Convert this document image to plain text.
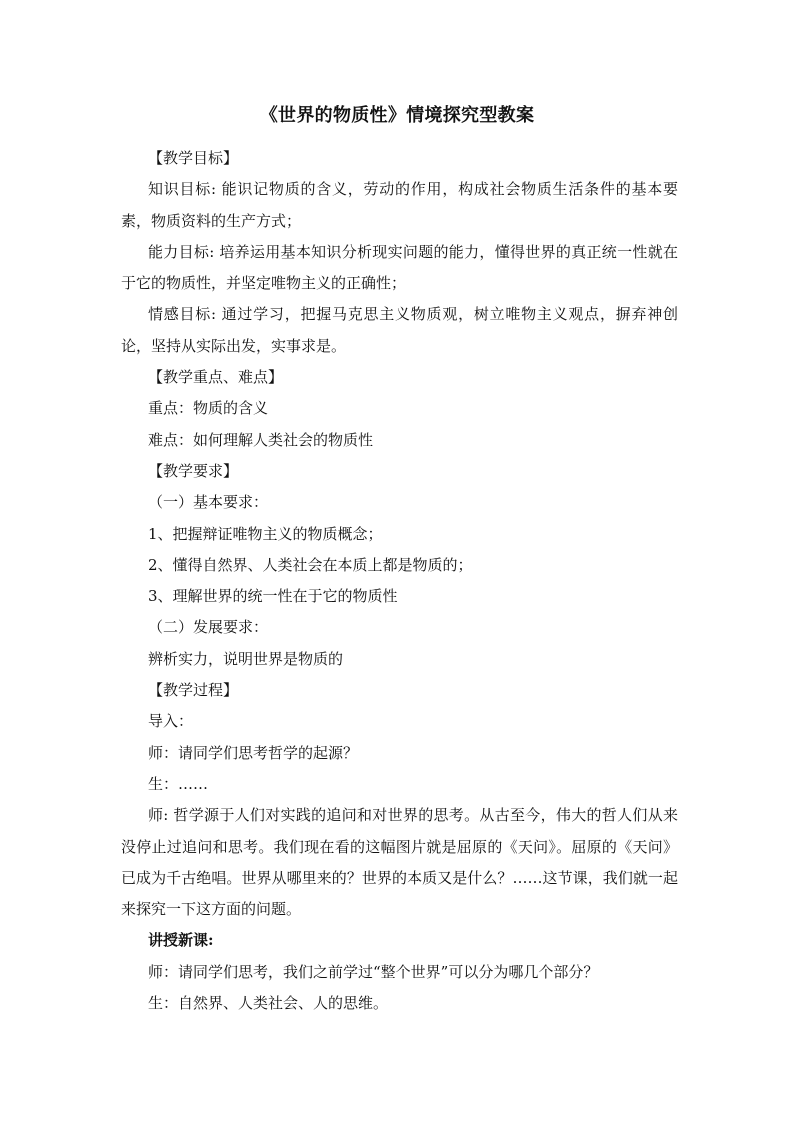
《世界的物质性》情境探究型教案

【教学目标】

知识目标: 能识记物质的含义，劳动的作用，构成社会物质生活条件的基本要素，物质资料的生产方式；

能力目标: 培养运用基本知识分析现实问题的能力，懂得世界的真正统一性就在于它的物质性，并坚定唯物主义的正确性；

情感目标: 通过学习，把握马克思主义物质观，树立唯物主义观点，摒弃神创论，坚持从实际出发，实事求是。

【教学重点、难点】

重点：物质的含义

难点：如何理解人类社会的物质性

【教学要求】

（一）基本要求：

1、把握辩证唯物主义的物质概念；

2、懂得自然界、人类社会在本质上都是物质的；

3、理解世界的统一性在于它的物质性

（二）发展要求：

辨析实力，说明世界是物质的

【教学过程】

导入：

师：请同学们思考哲学的起源？

生：……

师: 哲学源于人们对实践的追问和对世界的思考。从古至今，伟大的哲人们从来没停止过追问和思考。我们现在看的这幅图片就是屈原的《天问》。屈原的《天问》已成为千古绝唱。世界从哪里来的？世界的本质又是什么？……这节课，我们就一起来探究一下这方面的问题。

讲授新课:

师：请同学们思考，我们之前学过“整个世界”可以分为哪几个部分？

生：自然界、人类社会、人的思维。
